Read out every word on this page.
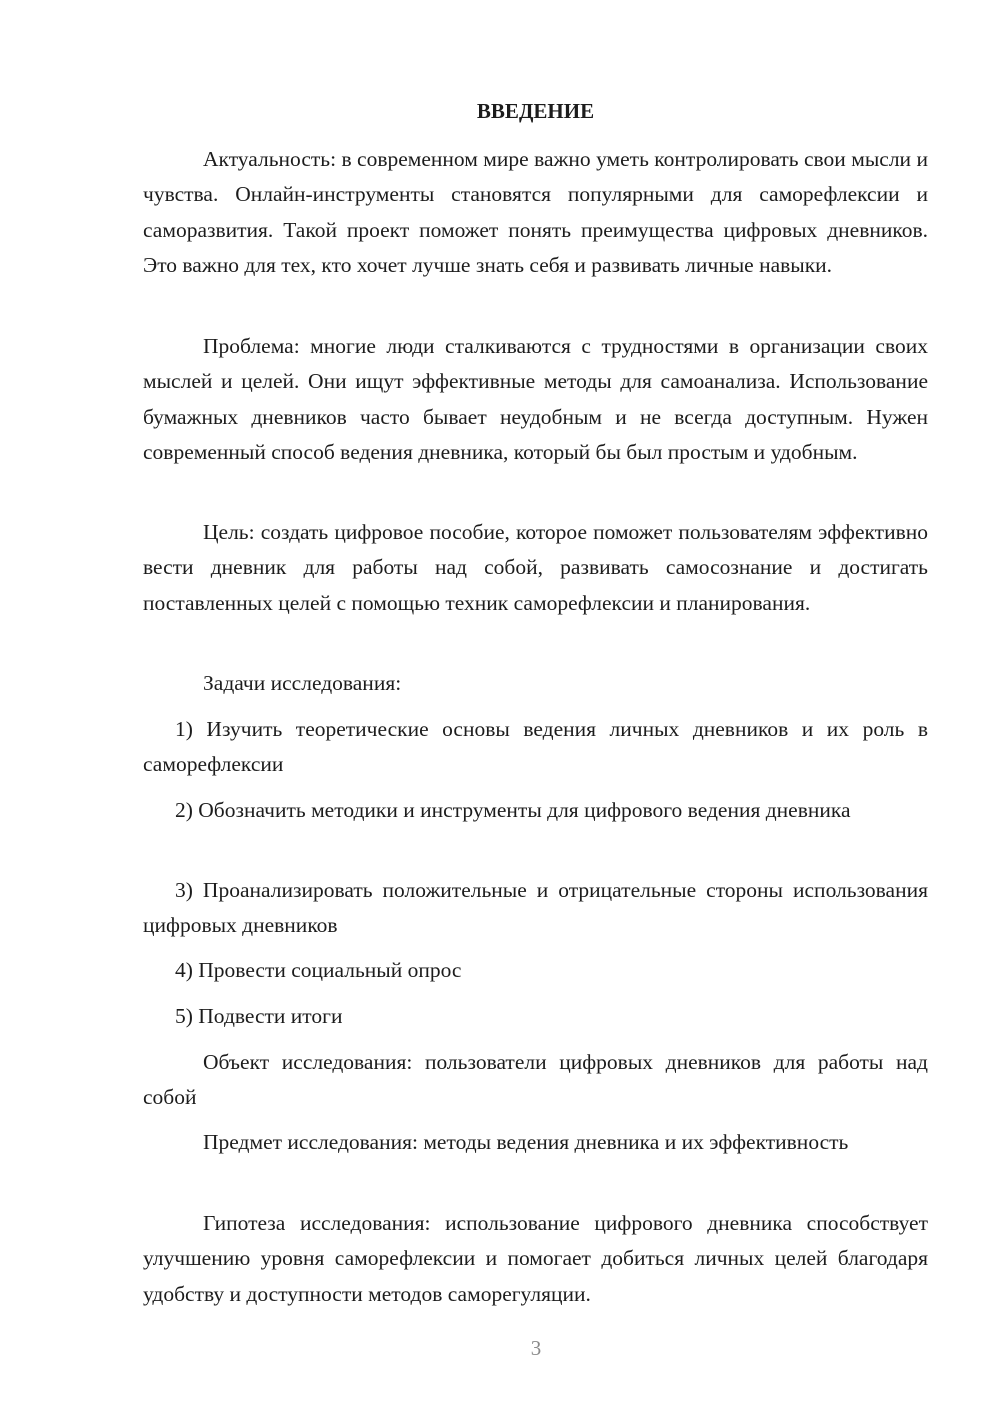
ВВЕДЕНИЕ

Актуальность: в современном мире важно уметь контролировать свои мысли и чувства. Онлайн-инструменты становятся популярными для саморефлексии и саморазвития. Такой проект поможет понять преимущества цифровых дневников. Это важно для тех, кто хочет лучше знать себя и развивать личные навыки.

Проблема: многие люди сталкиваются с трудностями в организации своих мыслей и целей. Они ищут эффективные методы для самоанализа. Использование бумажных дневников часто бывает неудобным и не всегда доступным. Нужен современный способ ведения дневника, который бы был простым и удобным.

Цель: создать цифровое пособие, которое поможет пользователям эффективно вести дневник для работы над собой, развивать самосознание и достигать поставленных целей с помощью техник саморефлексии и планирования.

Задачи исследования:

1) Изучить теоретические основы ведения личных дневников и их роль в саморефлексии

2) Обозначить методики и инструменты для цифрового ведения дневника

3) Проанализировать положительные и отрицательные стороны использования цифровых дневников

4) Провести социальный опрос

5) Подвести итоги

Объект исследования: пользователи цифровых дневников для работы над собой

Предмет исследования: методы ведения дневника и их эффективность

Гипотеза исследования: использование цифрового дневника способствует улучшению уровня саморефлексии и помогает добиться личных целей благодаря удобству и доступности методов саморегуляции.

3
